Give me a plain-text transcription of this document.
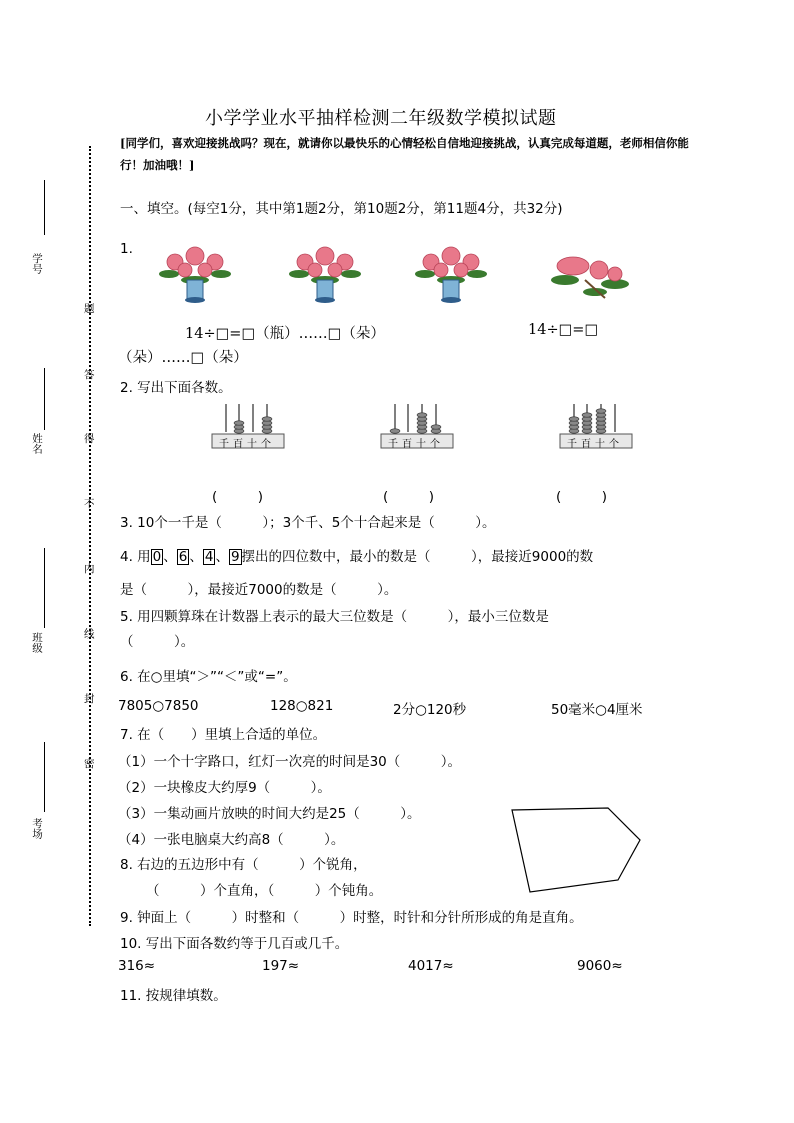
学号
姓名
班级
考场
题
答
得
不
内
线
封
密
小学学业水平抽样检测二年级数学模拟试题
[同学们，喜欢迎接挑战吗？现在，就请你以最快乐的心情轻松自信地迎接挑战，认真完成每道题，老师相信你能行！加油哦！]
一、填空。(每空1分，其中第1题2分，第10题2分，第11题4分，共32分)
1.
14÷□=□（瓶）……□（朵）	14÷□=□
（朵）……□（朵）
2. 写出下面各数。
千百十个
(　　　)
千百十个
(　　　)
千百十个
(　　　)
3. 10个一千是（　　　）；3个千、5个十合起来是（　　　）。
4. 用 0 、 6 、 4 、 9 摆出的四位数中，最小的数是（　　　），最接近9000的数
是（　　　），最接近7000的数是（　　　）。
5. 用四颗算珠在计数器上表示的最大三位数是（　　　），最小三位数是
（　　　）。
6. 在○里填“＞”“＜”或“=”。
7805○7850	128○821	2分○120秒	50毫米○4厘米
7. 在（　　）里填上合适的单位。
（1）一个十字路口，红灯一次亮的时间是30（　　　）。
（2）一块橡皮大约厚9（　　　）。
（3）一集动画片放映的时间大约是25（　　　）。
（4）一张电脑桌大约高8（　　　）。
8. 右边的五边形中有（　　　）个锐角，
（　　　）个直角，（　　　）个钝角。
9. 钟面上（　　　）时整和（　　　）时整，时针和分针所形成的角是直角。
10. 写出下面各数约等于几百或几千。
316≈	197≈	4017≈	9060≈
11. 按规律填数。
